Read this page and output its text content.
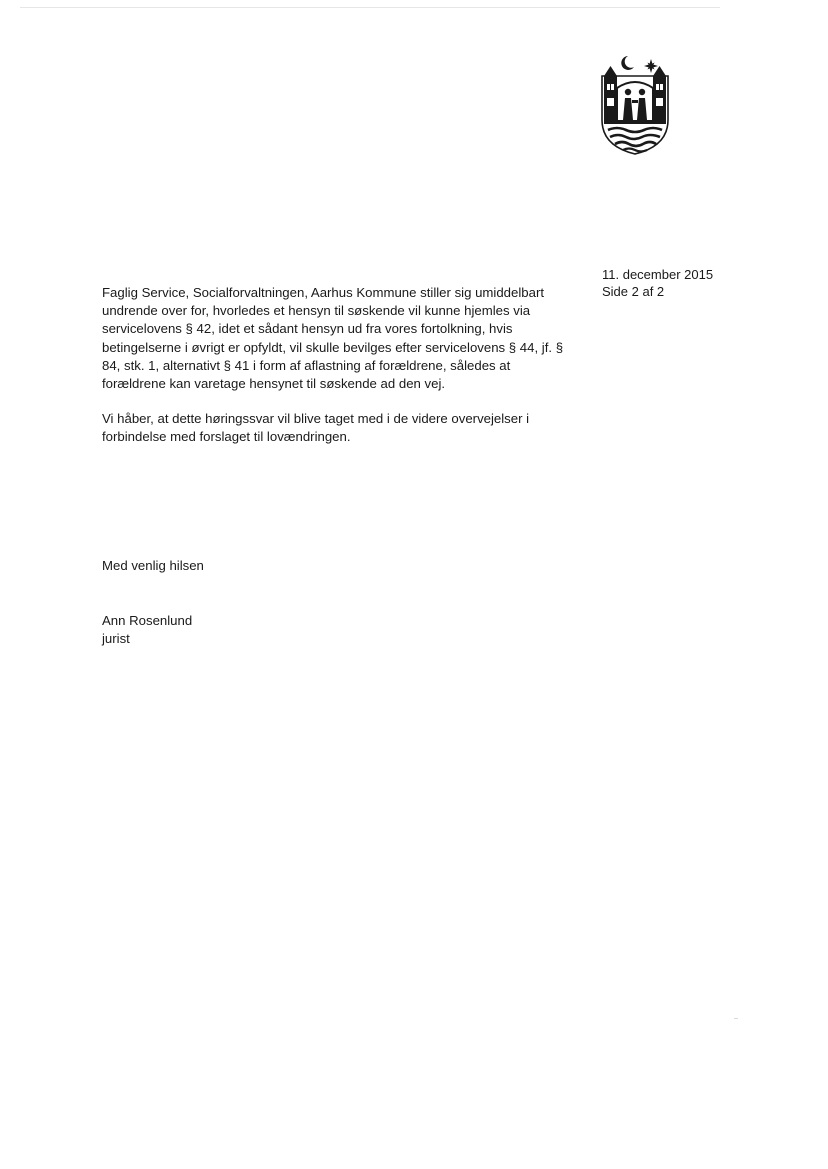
11. december 2015
Side 2 af 2

Faglig Service, Socialforvaltningen, Aarhus Kommune stiller sig umiddelbart undrende over for, hvorledes et hensyn til søskende vil kunne hjemles via servicelovens § 42, idet et sådant hensyn ud fra vores fortolkning, hvis betingelserne i øvrigt er opfyldt, vil skulle bevilges efter servicelovens § 44, jf. § 84, stk. 1, alternativt § 41 i form af aflastning af forældrene, således at forældrene kan varetage hensynet til søskende ad den vej.

Vi håber, at dette høringssvar vil blive taget med i de videre overvejelser i forbindelse med forslaget til lovændringen.

Med venlig hilsen
Ann Rosenlund
jurist
